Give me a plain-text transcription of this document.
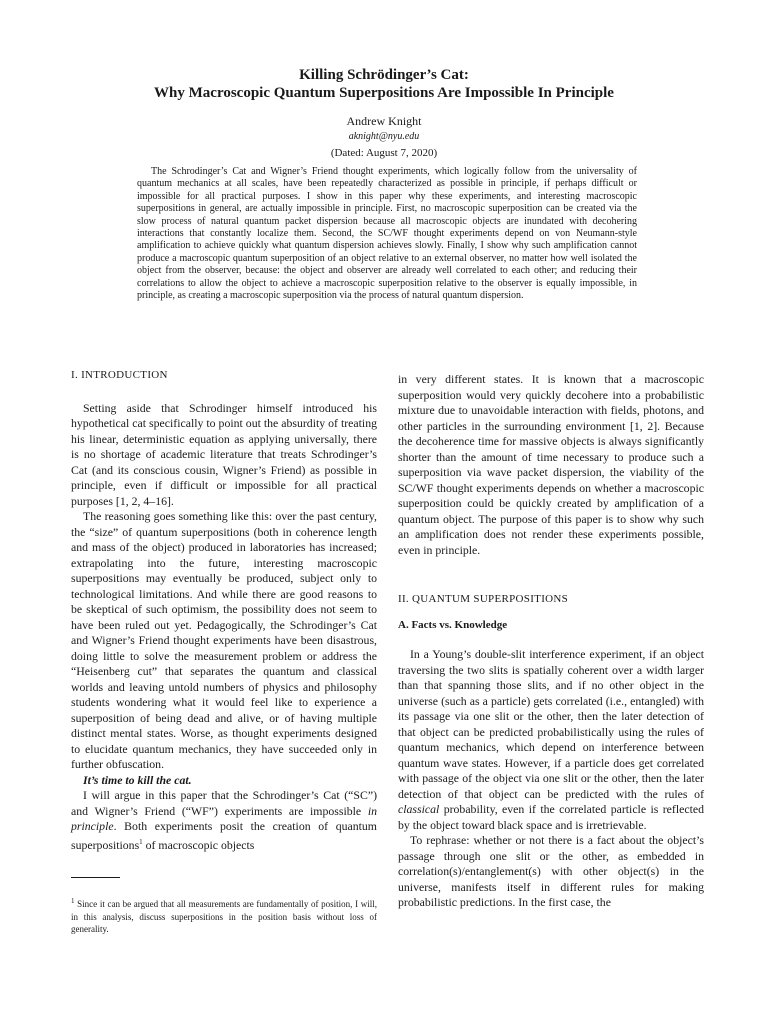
Killing Schrödinger’s Cat:
Why Macroscopic Quantum Superpositions Are Impossible In Principle
Andrew Knight
aknight@nyu.edu
(Dated: August 7, 2020)

The Schrodinger’s Cat and Wigner’s Friend thought experiments, which logically follow from the universality of quantum mechanics at all scales, have been repeatedly characterized as possible in principle, if perhaps difficult or impossible for all practical purposes. I show in this paper why these experiments, and interesting macroscopic superpositions in general, are actually impossible in principle. First, no macroscopic superposition can be created via the slow process of natural quantum packet dispersion because all macroscopic objects are inundated with decohering interactions that constantly localize them. Second, the SC/WF thought experiments depend on von Neumann-style amplification to achieve quickly what quantum dispersion achieves slowly. Finally, I show why such amplification cannot produce a macroscopic quantum superposition of an object relative to an external observer, no matter how well isolated the object from the observer, because: the object and observer are already well correlated to each other; and reducing their correlations to allow the object to achieve a macroscopic superposition relative to the observer is equally impossible, in principle, as creating a macroscopic superposition via the process of natural quantum dispersion.

I. INTRODUCTION

Setting aside that Schrodinger himself introduced his hypothetical cat specifically to point out the absurdity of treating his linear, deterministic equation as applying universally, there is no shortage of academic literature that treats Schrodinger’s Cat (and its conscious cousin, Wigner’s Friend) as possible in principle, even if difficult or impossible for all practical purposes [1, 2, 4–16].

The reasoning goes something like this: over the past century, the “size” of quantum superpositions (both in coherence length and mass of the object) produced in laboratories has increased; extrapolating into the future, interesting macroscopic superpositions may eventually be produced, subject only to technological limitations. And while there are good reasons to be skeptical of such optimism, the possibility does not seem to have been ruled out yet. Pedagogically, the Schrodinger’s Cat and Wigner’s Friend thought experiments have been disastrous, doing little to solve the measurement problem or address the “Heisenberg cut” that separates the quantum and classical worlds and leaving untold numbers of physics and philosophy students wondering what it would feel like to experience a superposition of being dead and alive, or of having multiple distinct mental states. Worse, as thought experiments designed to elucidate quantum mechanics, they have succeeded only in further obfuscation.

It’s time to kill the cat.

I will argue in this paper that the Schrodinger’s Cat (“SC”) and Wigner’s Friend (“WF”) experiments are impossible in principle. Both experiments posit the creation of quantum superpositions$^1$ of macroscopic objects

in very different states. It is known that a macroscopic superposition would very quickly decohere into a probabilistic mixture due to unavoidable interaction with fields, photons, and other particles in the surrounding environment [1, 2]. Because the decoherence time for massive objects is always significantly shorter than the amount of time necessary to produce such a superposition via wave packet dispersion, the viability of the SC/WF thought experiments depends on whether a macroscopic superposition could be quickly created by amplification of a quantum object. The purpose of this paper is to show why such an amplification does not render these experiments possible, even in principle.

II. QUANTUM SUPERPOSITIONS

A. Facts vs. Knowledge

In a Young’s double-slit interference experiment, if an object traversing the two slits is spatially coherent over a width larger than that spanning those slits, and if no other object in the universe (such as a particle) gets correlated (i.e., entangled) with its passage via one slit or the other, then the later detection of that object can be predicted probabilistically using the rules of quantum mechanics, which depend on interference between quantum wave states. However, if a particle does get correlated with passage of the object via one slit or the other, then the later detection of that object can be predicted with the rules of classical probability, even if the correlated particle is reflected by the object toward black space and is irretrievable.

To rephrase: whether or not there is a fact about the object’s passage through one slit or the other, as embedded in correlation(s)/entanglement(s) with other object(s) in the universe, manifests itself in different rules for making probabilistic predictions. In the first case, the

$^1$ Since it can be argued that all measurements are fundamentally of position, I will, in this analysis, discuss superpositions in the position basis without loss of generality.
